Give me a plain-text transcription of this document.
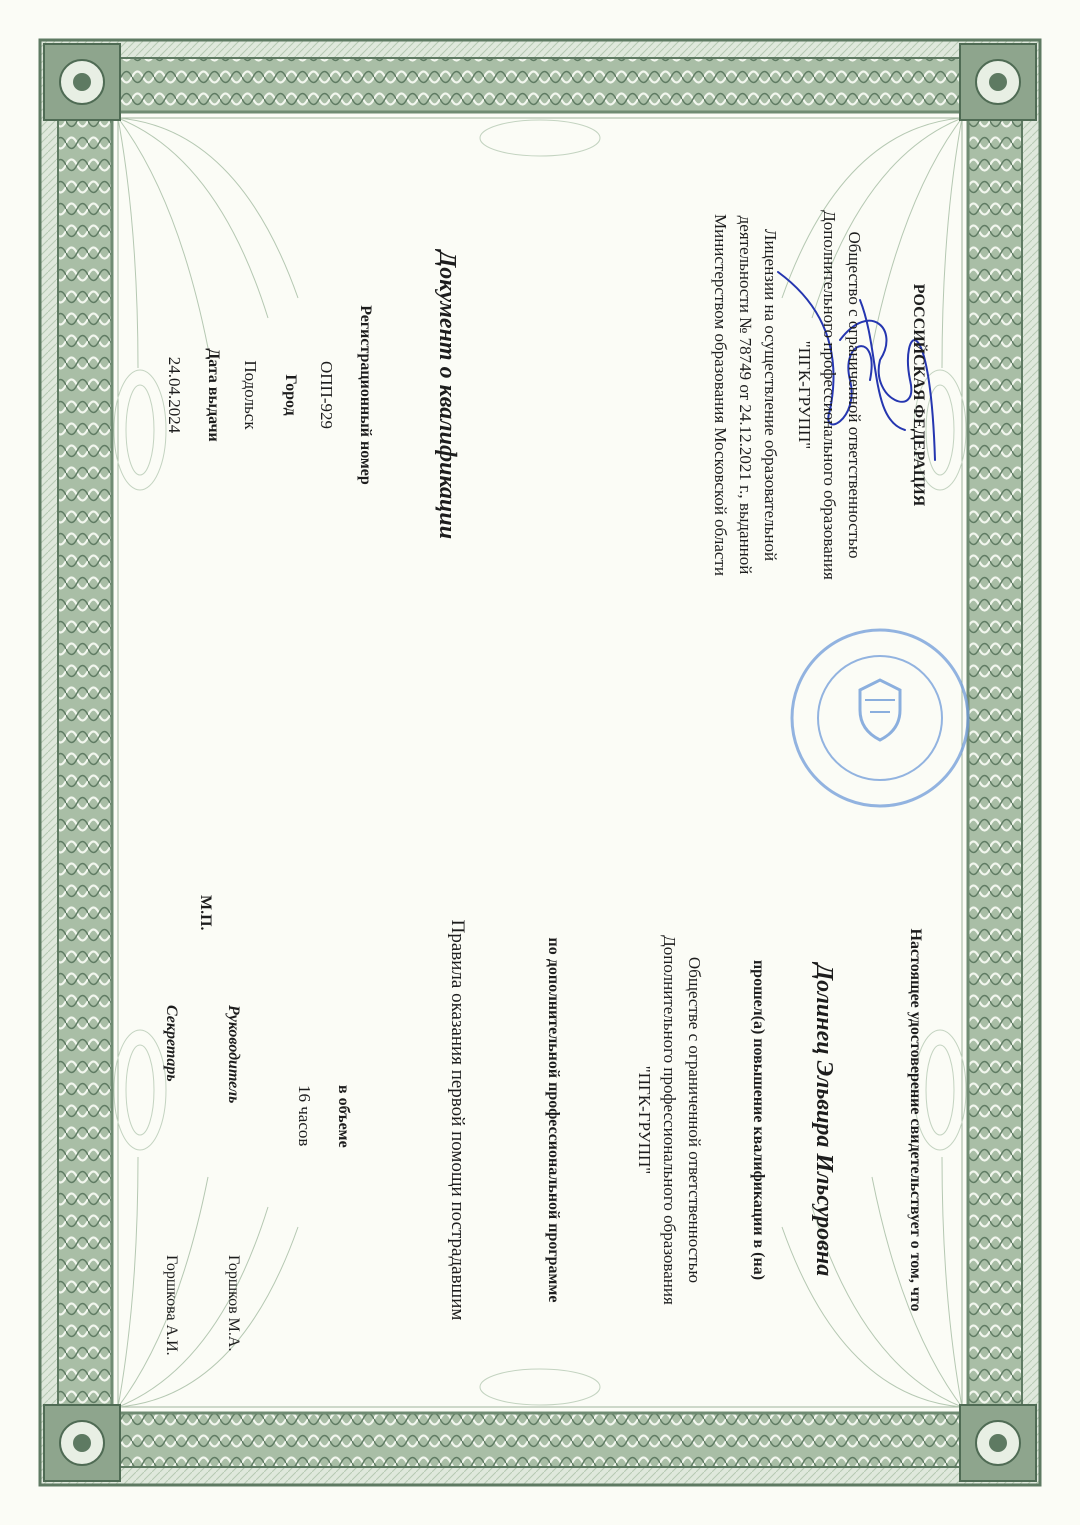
РОССИЙСКАЯ ФЕДЕРАЦИЯ
Общество с ограниченной ответственностью
Дополнительного профессионального образования
"ПГК-ГРУПП"
Лицензии на осуществление образовательной
деятельности № 78749 от 24.12.2021 г., выданной
Министерством образования Московской области
Документ о квалификации
Регистрационный номер
ОПП-929
Город
Подольск
Дата выдачи
24.04.2024
Настоящее удостоверение свидетельствует о том, что
Долинец Эльвира Ильсуровна
прошел(а) повышение квалификации в (на)
Обществе с ограниченной ответственностью
Дополнительного профессионального образования
"ПГК-ГРУПП"
по дополнительной профессиональной программе
Правила оказания первой помощи пострадавшим
в объеме
16 часов
Руководитель
Горшков М.А.
М.П.
Секретарь
Горшкова А.И.
